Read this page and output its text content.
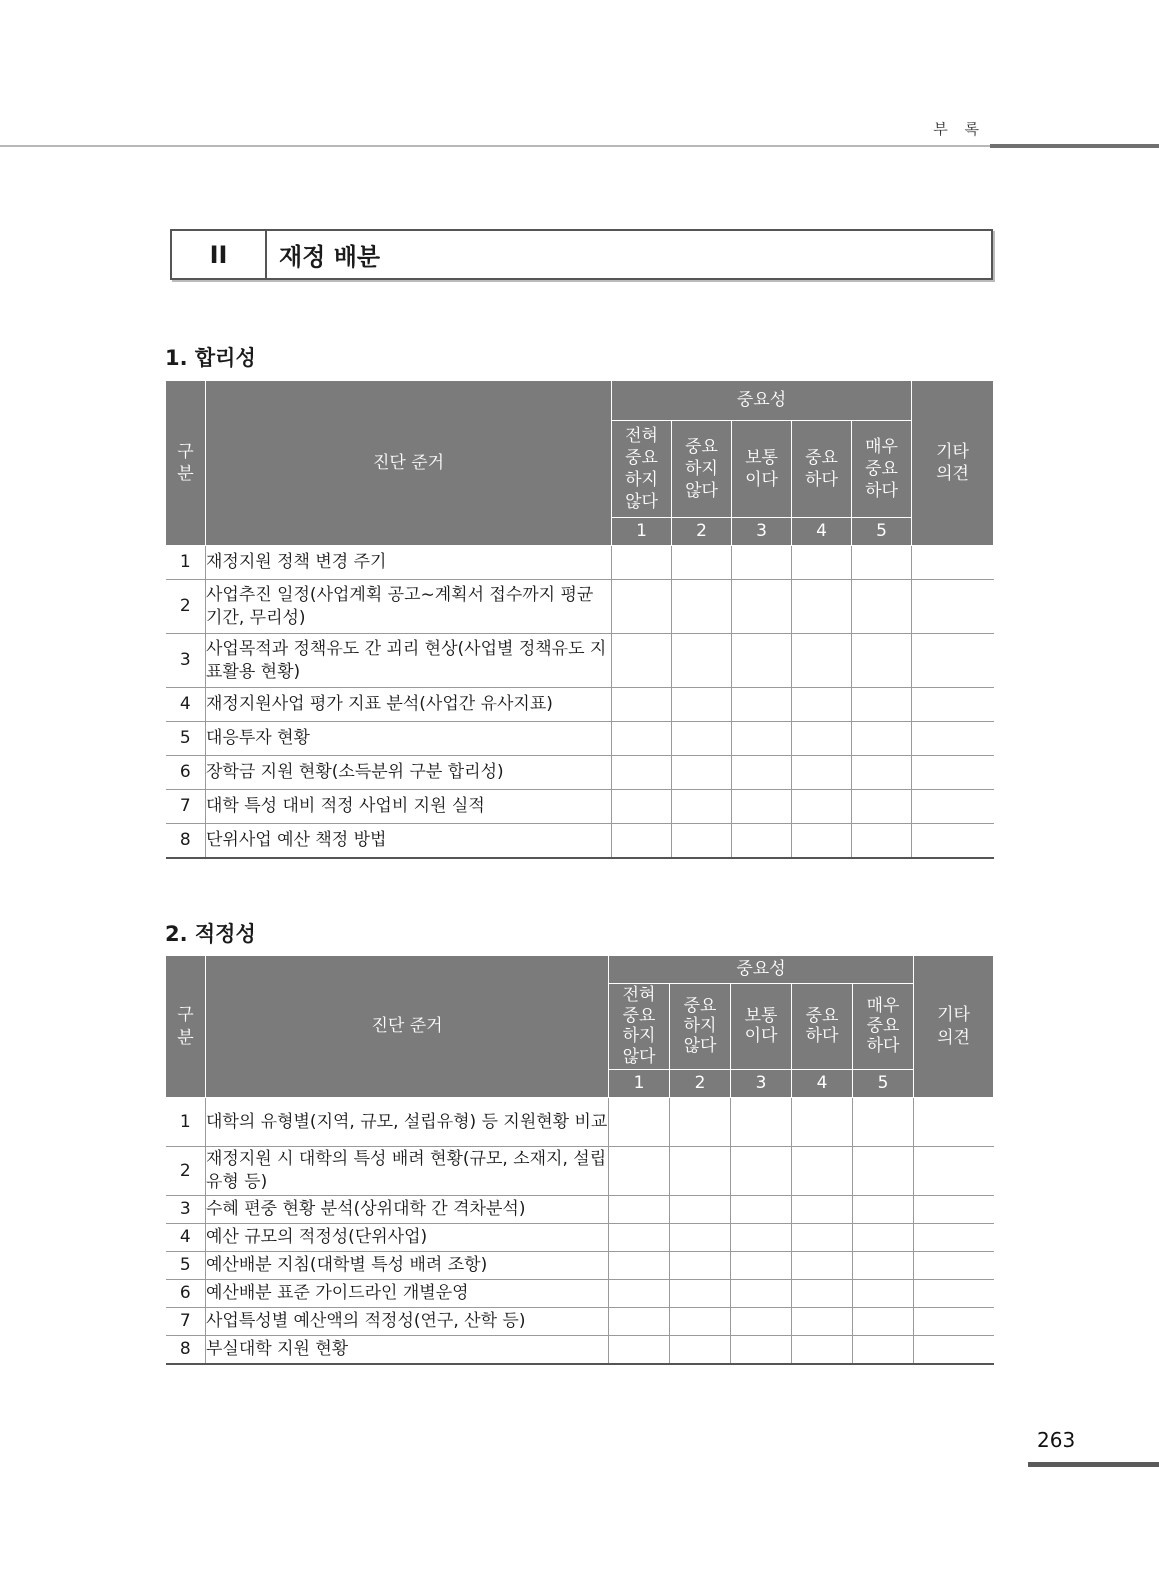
부 록
II	재정 배분
1. 합리성
구분	진단 준거	중요성					기타의견
		전혀중요하지않다	중요하지않다	보통이다	중요하다	매우중요하다	
		1	2	3	4	5	
1	재정지원 정책 변경 주기						
2	사업추진 일정(사업계획 공고∼계획서 접수까지 평균 기간, 무리성)						
3	사업목적과 정책유도 간 괴리 현상(사업별 정책유도 지표활용 현황)						
4	재정지원사업 평가 지표 분석(사업간 유사지표)						
5	대응투자 현황						
6	장학금 지원 현황(소득분위 구분 합리성)						
7	대학 특성 대비 적정 사업비 지원 실적						
8	단위사업 예산 책정 방법						
2. 적정성
구분	진단 준거	중요성					기타의견
		전혀중요하지않다	중요하지않다	보통이다	중요하다	매우중요하다	
		1	2	3	4	5	
1	대학의 유형별(지역, 규모, 설립유형) 등 지원현황 비교						
2	재정지원 시 대학의 특성 배려 현황(규모, 소재지, 설립유형 등)						
3	수혜 편중 현황 분석(상위대학 간 격차분석)						
4	예산 규모의 적정성(단위사업)						
5	예산배분 지침(대학별 특성 배려 조항)						
6	예산배분 표준 가이드라인 개별운영						
7	사업특성별 예산액의 적정성(연구, 산학 등)						
8	부실대학 지원 현황						
263
